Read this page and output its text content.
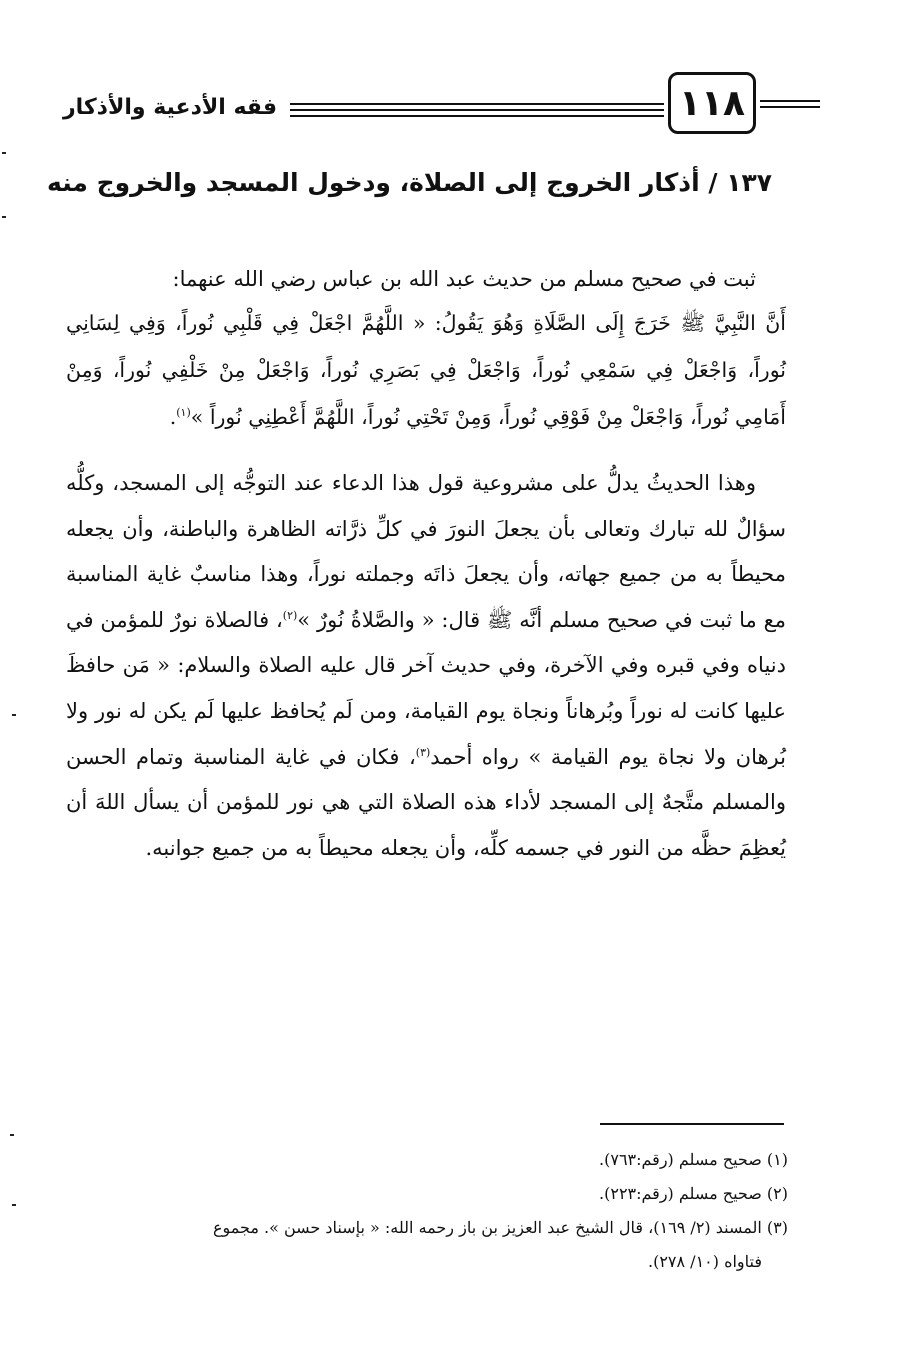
فقه الأدعية والأذكار	١١٨
١٣٧ / أذكار الخروج إلى الصلاة، ودخول المسجد والخروج منه

ثبت في صحيح مسلم من حديث عبد الله بن عباس رضي الله عنهما:

أَنَّ النَّبِيَّ ﷺ خَرَجَ إِلَى الصَّلَاةِ وَهُوَ يَقُولُ: « اللَّهُمَّ اجْعَلْ فِي قَلْبِي نُوراً، وَفِي لِسَانِي نُوراً، وَاجْعَلْ فِي سَمْعِي نُوراً، وَاجْعَلْ فِي بَصَرِي نُوراً، وَاجْعَلْ مِنْ خَلْفِي نُوراً، وَمِنْ أَمَامِي نُوراً، وَاجْعَلْ مِنْ فَوْقِي نُوراً، وَمِنْ تَحْتِي نُوراً، اللَّهُمَّ أَعْطِنِي نُوراً »$^{(١)}$.

وهذا الحديثُ يدلُّ على مشروعية قول هذا الدعاء عند التوجُّه إلى المسجد، وكلُّه سؤالٌ لله تبارك وتعالى بأن يجعلَ النورَ في كلِّ ذرَّاته الظاهرة والباطنة، وأن يجعله محيطاً به من جميع جهاته، وأن يجعلَ ذاتَه وجملته نوراً، وهذا مناسبٌ غاية المناسبة مع ما ثبت في صحيح مسلم أنَّه ﷺ قال: « والصَّلاةُ نُورٌ »$^{(٢)}$، فالصلاة نورٌ للمؤمن في دنياه وفي قبره وفي الآخرة، وفي حديث آخر قال عليه الصلاة والسلام: « مَن حافظَ عليها كانت له نوراً وبُرهاناً ونجاة يوم القيامة، ومن لَم يُحافظ عليها لَم يكن له نور ولا بُرهان ولا نجاة يوم القيامة » رواه أحمد$^{(٣)}$، فكان في غاية المناسبة وتمام الحسن والمسلم متَّجهٌ إلى المسجد لأداء هذه الصلاة التي هي نور للمؤمن أن يسأل اللهَ أن يُعظِمَ حظَّه من النور في جسمه كلِّه، وأن يجعله محيطاً به من جميع جوانبه.

(١) صحيح مسلم (رقم:٧٦٣).

(٢) صحيح مسلم (رقم:٢٢٣).

(٣) المسند (٢/ ١٦٩)، قال الشيخ عبد العزيز بن باز رحمه الله: « بإسناد حسن ». مجموع

فتاواه (١٠/ ٢٧٨).
